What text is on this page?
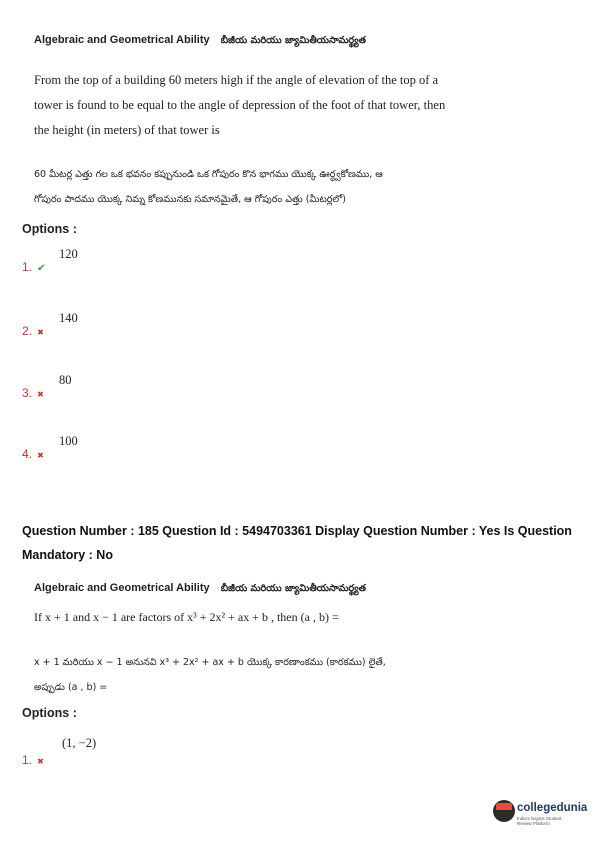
Algebraic and Geometrical Ability బీజీయ మరియు జ్యామితీయసామర్థ్యత
From the top of a building 60 meters high if the angle of elevation of the top of a
tower is found to be equal to the angle of depression of the foot of that tower, then
the height (in meters) of that tower is
60 మీటర్ల ఎత్తు గల ఒక భవనం కప్పునుండి ఒక గోపురం కొన భాగము యొక్క ఊర్ధ్వకోణము, ఆ
గోపురం పాదము యొక్క నిమ్న కోణమునకు సమానమైతే, ఆ గోపురం ఎత్తు (మీటర్లలో)
Options :
1. ✔
120
2. ✖
140
3. ✖
80
4. ✖
100
Question Number : 185 Question Id : 5494703361 Display Question Number : Yes Is Question
Mandatory : No
Algebraic and Geometrical Ability బీజీయ మరియు జ్యామితీయసామర్థ్యత
If x + 1 and x − 1 are factors of x³ + 2x² + ax + b , then (a , b) =
x + 1 మరియు x − 1 అనునవి x³ + 2x² + ax + b యొక్క కారణాంకము (కారకము) లైతే,
అప్పుడు (a , b) =
Options :
1. ✖
(1, −2)
collegedunia
India's largest Student Review Platform
